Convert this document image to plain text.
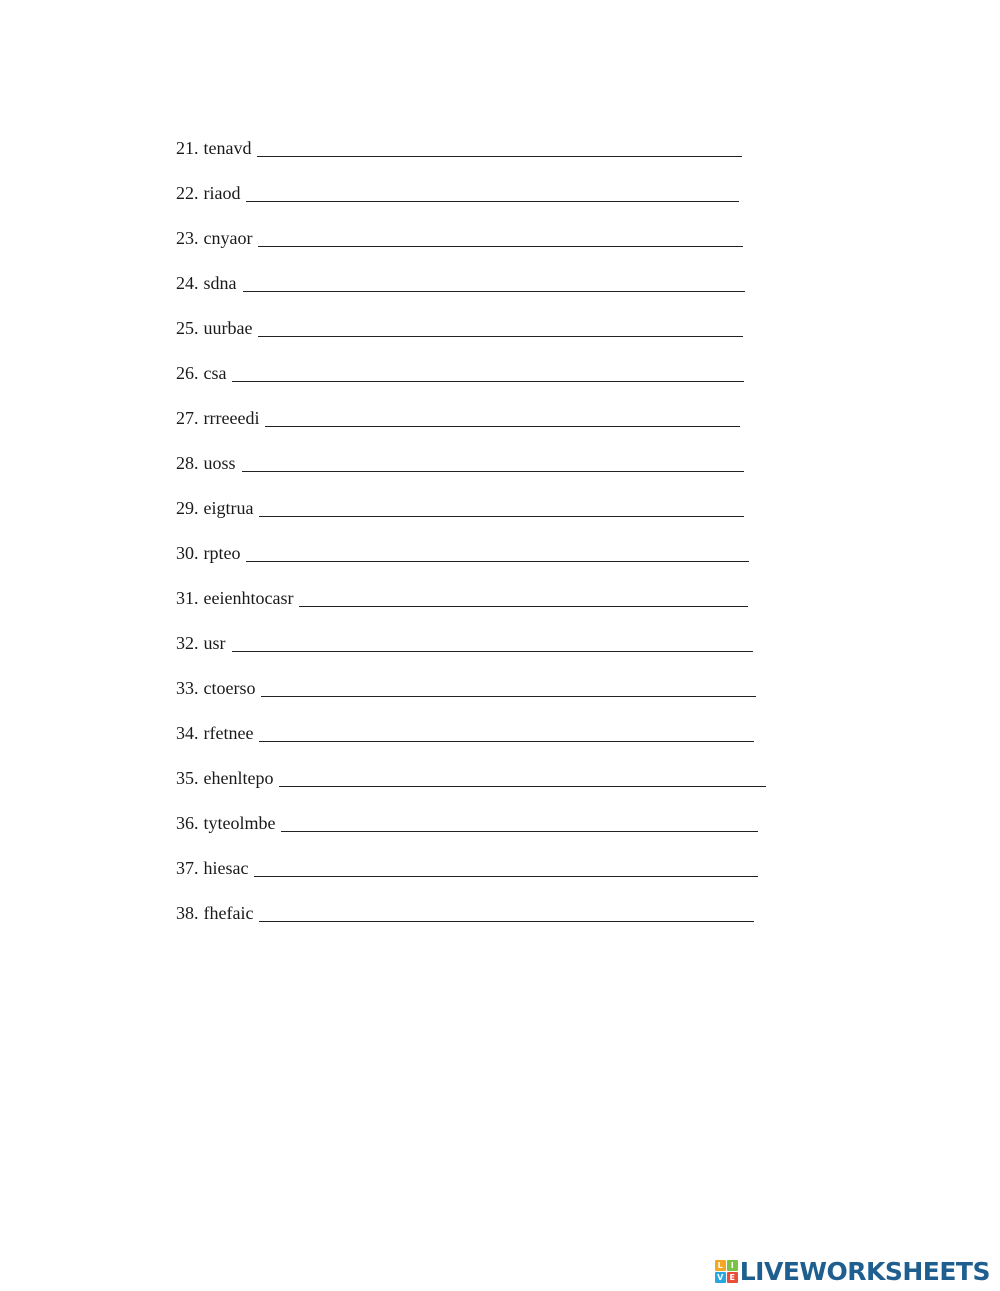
21. tenavd
22. riaod
23. cnyaor
24. sdna
25. uurbae
26. csa
27. rrreeedi
28. uoss
29. eigtrua
30. rpteo
31. eeienhtocasr
32. usr
33. ctoerso
34. rfetnee
35. ehenltepo
36. tyteolmbe
37. hiesac
38. fhefaic
L I
V E LIVEWORKSHEETS
